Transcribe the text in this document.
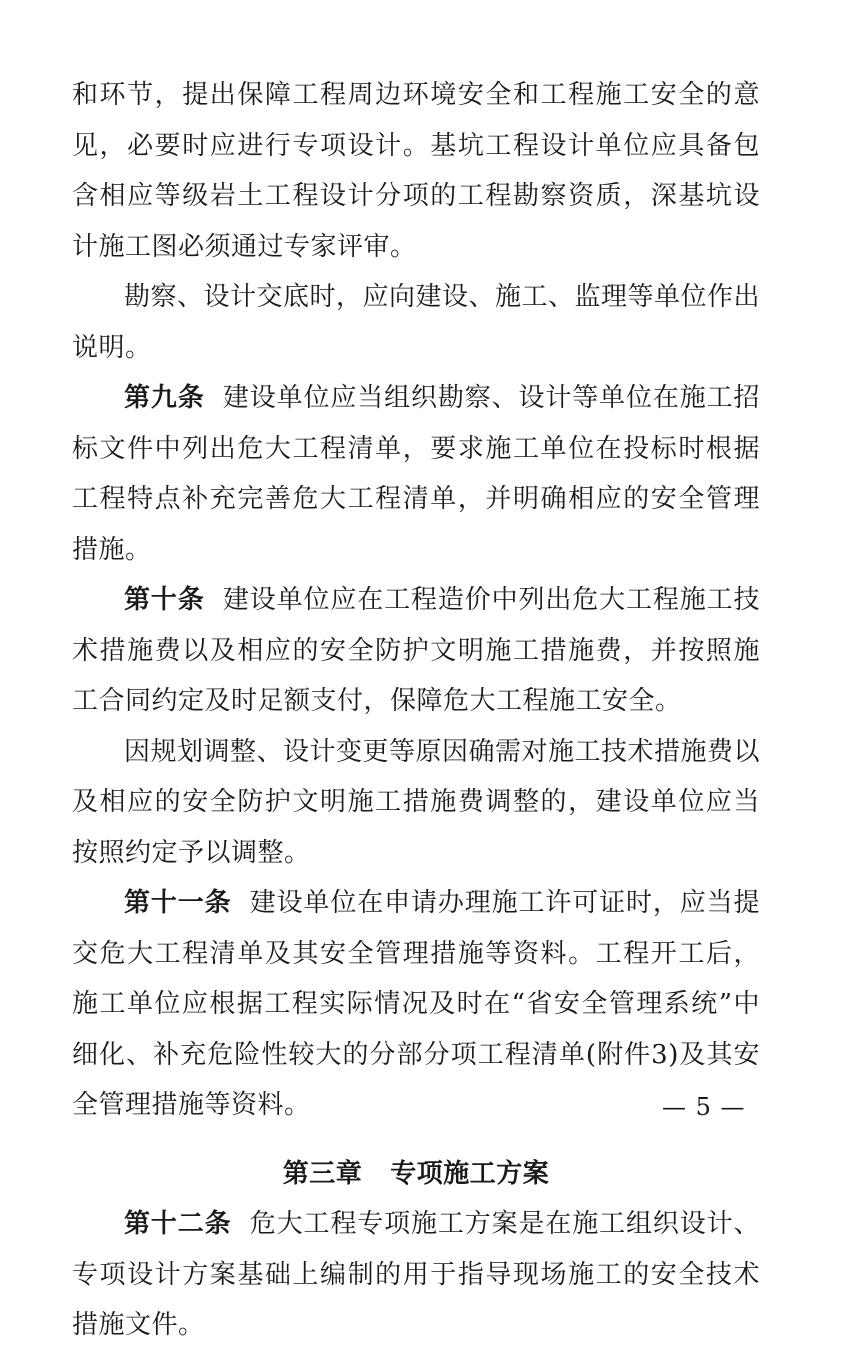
和环节，提出保障工程周边环境安全和工程施工安全的意见，必要时应进行专项设计。基坑工程设计单位应具备包含相应等级岩土工程设计分项的工程勘察资质，深基坑设计施工图必须通过专家评审。

勘察、设计交底时，应向建设、施工、监理等单位作出说明。

第九条 建设单位应当组织勘察、设计等单位在施工招标文件中列出危大工程清单，要求施工单位在投标时根据工程特点补充完善危大工程清单，并明确相应的安全管理措施。

第十条 建设单位应在工程造价中列出危大工程施工技术措施费以及相应的安全防护文明施工措施费，并按照施工合同约定及时足额支付，保障危大工程施工安全。

因规划调整、设计变更等原因确需对施工技术措施费以及相应的安全防护文明施工措施费调整的，建设单位应当按照约定予以调整。

第十一条 建设单位在申请办理施工许可证时，应当提交危大工程清单及其安全管理措施等资料。工程开工后，施工单位应根据工程实际情况及时在“省安全管理系统”中细化、补充危险性较大的分部分项工程清单(附件3)及其安全管理措施等资料。

第三章 专项施工方案

第十二条 危大工程专项施工方案是在施工组织设计、专项设计方案基础上编制的用于指导现场施工的安全技术措施文件。

— 5 —
